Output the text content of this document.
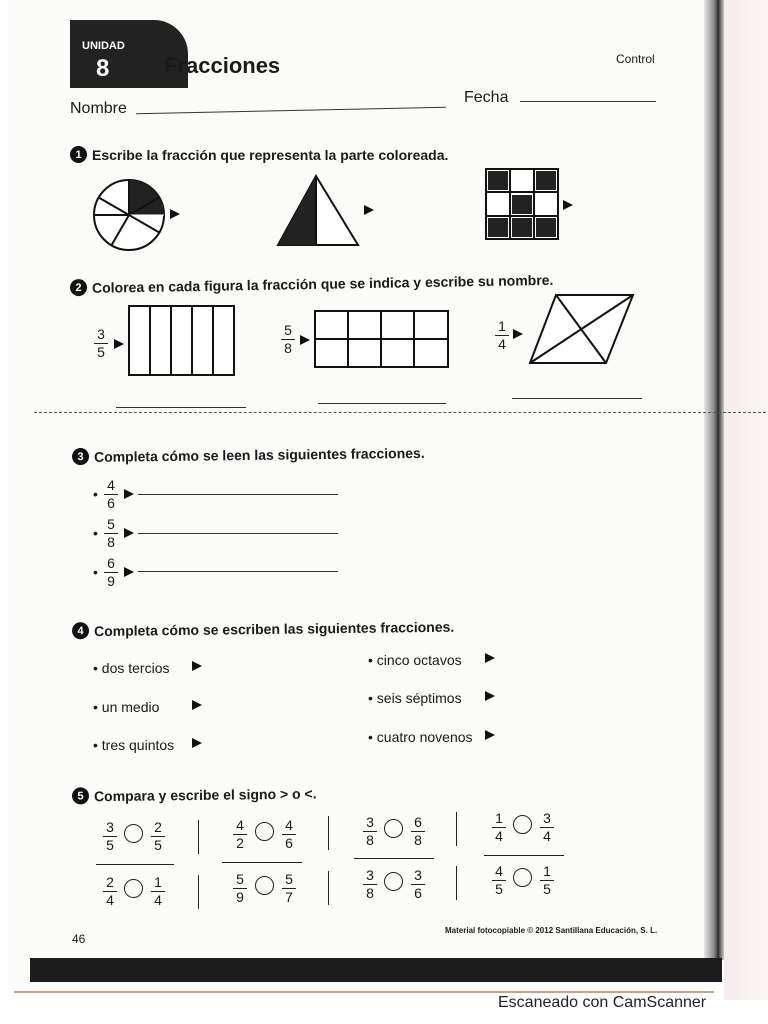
UNIDAD
8 Fracciones	Control
Nombre
Fecha
1 Escribe la fracción que representa la parte coloreada.
2 Colorea en cada figura la fracción que se indica y escribe su nombre.
3
5
5
8
1
4
3 Completa cómo se leen las siguientes fracciones.
•
4
6
•
5
8
•
6
9
4 Completa cómo se escriben las siguientes fracciones.
• dos tercios
• un medio
• tres quintos
• cinco octavos
• seis séptimos
• cuatro novenos
5 Compara y escribe el signo > o <.
3
5
2
5
4
2
4
6
3
8
6
8
1
4
3
4
2
4
1
4
5
9
5
7
3
8
3
6
4
5
1
5
46
Material fotocopiable © 2012 Santillana Educación, S. L.
Escaneado con CamScanner
